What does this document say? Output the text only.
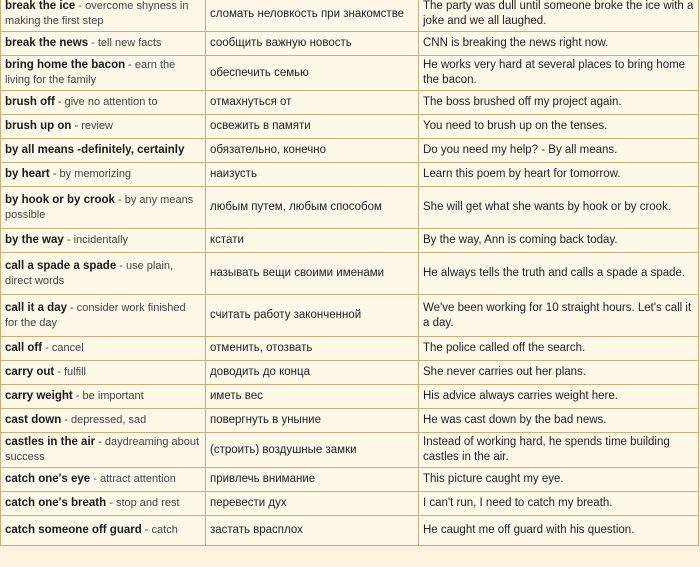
break the ice - overcome shyness in making the first step	сломать неловкость при знакомстве	The party was dull until someone broke the ice with a joke and we all laughed.
break the news - tell new facts	сообщить важную новость	CNN is breaking the news right now.
bring home the bacon - earn the living for the family	обеспечить семью	He works very hard at several places to bring home the bacon.
brush off - give no attention to	отмахнуться от	The boss brushed off my project again.
brush up on - review	освежить в памяти	You need to brush up on the tenses.
by all means -definitely, certainly	обязательно, конечно	Do you need my help? - By all means.
by heart - by memorizing	наизусть	Learn this poem by heart for tomorrow.
by hook or by crook - by any means possible	любым путем, любым способом	She will get what she wants by hook or by crook.
by the way - incidentally	кстати	By the way, Ann is coming back today.
call a spade a spade - use plain, direct words	называть вещи своими именами	He always tells the truth and calls a spade a spade.
call it a day - consider work finished for the day	считать работу законченной	We've been working for 10 straight hours. Let's call it a day.
call off - cancel	отменить, отозвать	The police called off the search.
carry out - fulfill	доводить до конца	She never carries out her plans.
carry weight - be important	иметь вес	His advice always carries weight here.
cast down - depressed, sad	повергнуть в уныние	He was cast down by the bad news.
castles in the air - daydreaming about success	(строить) воздушные замки	Instead of working hard, he spends time building castles in the air.
catch one's eye - attract attention	привлечь внимание	This picture caught my eye.
catch one's breath - stop and rest	перевести дух	I can't run, I need to catch my breath.
catch someone off guard - catch	застать врасплох	He caught me off guard with his question.
